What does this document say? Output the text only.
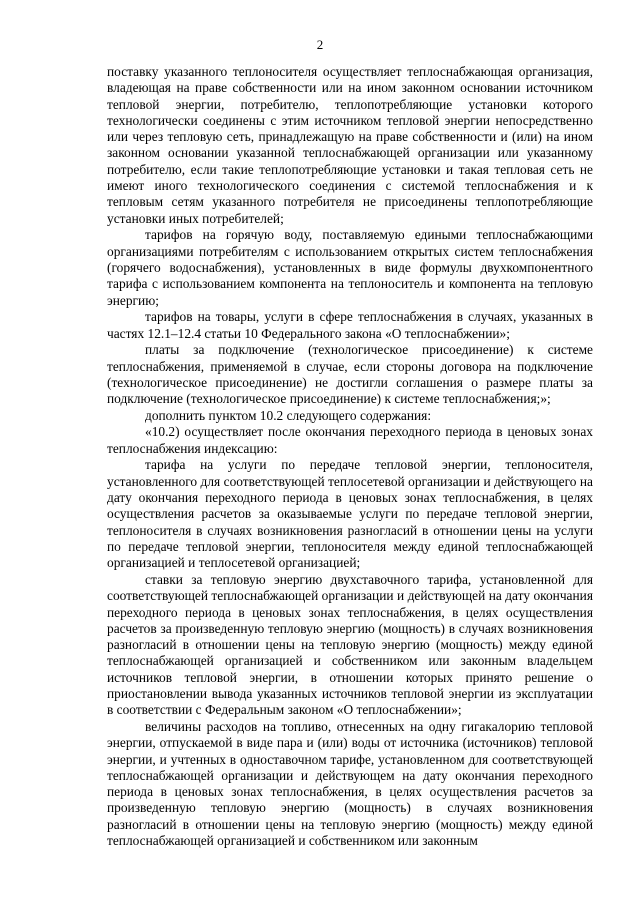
2

поставку указанного теплоносителя осуществляет теплоснабжающая организация, владеющая на праве собственности или на ином законном основании источником тепловой энергии, потребителю, теплопотребляющие установки которого технологически соединены с этим источником тепловой энергии непосредственно или через тепловую сеть, принадлежащую на праве собственности и (или) на ином законном основании указанной теплоснабжающей организации или указанному потребителю, если такие теплопотребляющие установки и такая тепловая сеть не имеют иного технологического соединения с системой теплоснабжения и к тепловым сетям указанного потребителя не присоединены теплопотребляющие установки иных потребителей;

тарифов на горячую воду, поставляемую едиными теплоснабжающими организациями потребителям с использованием открытых систем теплоснабжения (горячего водоснабжения), установленных в виде формулы двухкомпонентного тарифа с использованием компонента на теплоноситель и компонента на тепловую энергию;

тарифов на товары, услуги в сфере теплоснабжения в случаях, указанных в частях 12.1–12.4 статьи 10 Федерального закона «О теплоснабжении»;

платы за подключение (технологическое присоединение) к системе теплоснабжения, применяемой в случае, если стороны договора на подключение (технологическое присоединение) не достигли соглашения о размере платы за подключение (технологическое присоединение) к системе теплоснабжения;»;

дополнить пунктом 10.2 следующего содержания:

«10.2) осуществляет после окончания переходного периода в ценовых зонах теплоснабжения индексацию:

тарифа на услуги по передаче тепловой энергии, теплоносителя, установленного для соответствующей теплосетевой организации и действующего на дату окончания переходного периода в ценовых зонах теплоснабжения, в целях осуществления расчетов за оказываемые услуги по передаче тепловой энергии, теплоносителя в случаях возникновения разногласий в отношении цены на услуги по передаче тепловой энергии, теплоносителя между единой теплоснабжающей организацией и теплосетевой организацией;

ставки за тепловую энергию двухставочного тарифа, установленной для соответствующей теплоснабжающей организации и действующей на дату окончания переходного периода в ценовых зонах теплоснабжения, в целях осуществления расчетов за произведенную тепловую энергию (мощность) в случаях возникновения разногласий в отношении цены на тепловую энергию (мощность) между единой теплоснабжающей организацией и собственником или законным владельцем источников тепловой энергии, в отношении которых принято решение о приостановлении вывода указанных источников тепловой энергии из эксплуатации в соответствии с Федеральным законом «О теплоснабжении»;

величины расходов на топливо, отнесенных на одну гигакалорию тепловой энергии, отпускаемой в виде пара и (или) воды от источника (источников) тепловой энергии, и учтенных в одноставочном тарифе, установленном для соответствующей теплоснабжающей организации и действующем на дату окончания переходного периода в ценовых зонах теплоснабжения, в целях осуществления расчетов за произведенную тепловую энергию (мощность) в случаях возникновения разногласий в отношении цены на тепловую энергию (мощность) между единой теплоснабжающей организацией и собственником или законным
